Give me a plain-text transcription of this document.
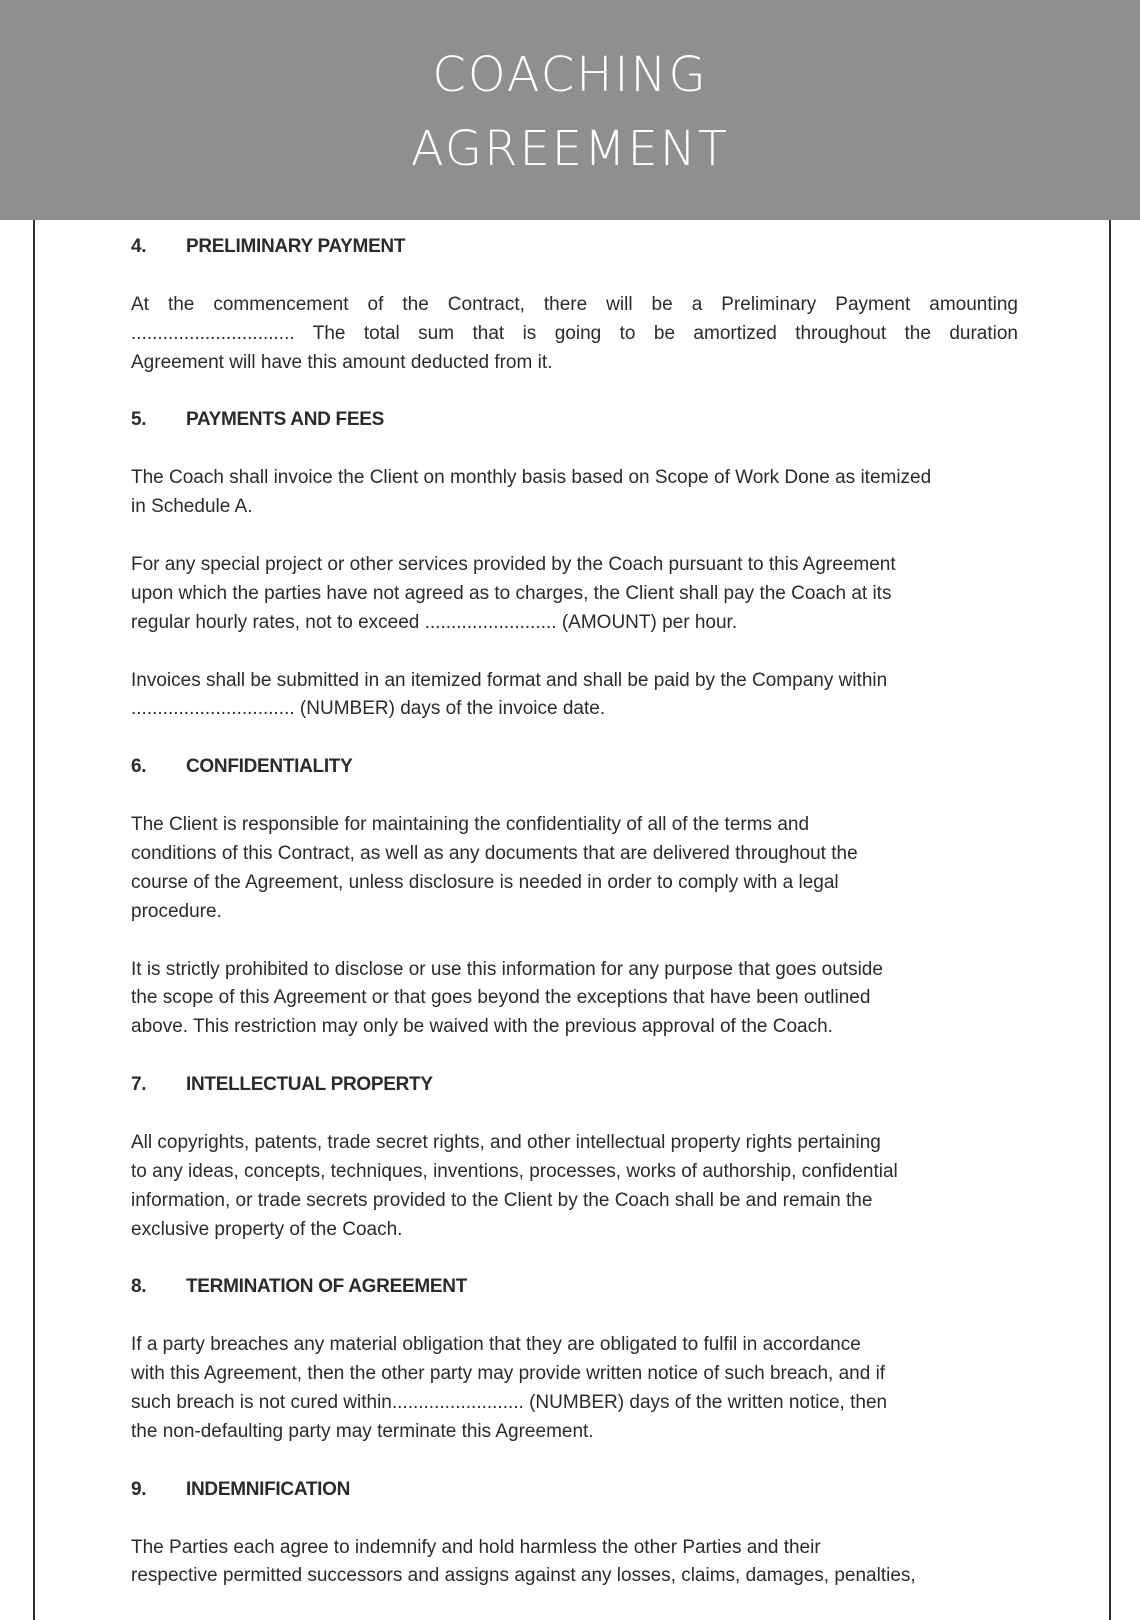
COACHING
AGREEMENT
4. PRELIMINARY PAYMENT
At the commencement of the Contract, there will be a Preliminary Payment amounting
............................... The total sum that is going to be amortized throughout the duration
Agreement will have this amount deducted from it.
5. PAYMENTS AND FEES
The Coach shall invoice the Client on monthly basis based on Scope of Work Done as itemized
in Schedule A.
For any special project or other services provided by the Coach pursuant to this Agreement
upon which the parties have not agreed as to charges, the Client shall pay the Coach at its
regular hourly rates, not to exceed ......................... (AMOUNT) per hour.
Invoices shall be submitted in an itemized format and shall be paid by the Company within
............................... (NUMBER) days of the invoice date.
6. CONFIDENTIALITY
The Client is responsible for maintaining the confidentiality of all of the terms and
conditions of this Contract, as well as any documents that are delivered throughout the
course of the Agreement, unless disclosure is needed in order to comply with a legal
procedure.
It is strictly prohibited to disclose or use this information for any purpose that goes outside
the scope of this Agreement or that goes beyond the exceptions that have been outlined
above. This restriction may only be waived with the previous approval of the Coach.
7. INTELLECTUAL PROPERTY
All copyrights, patents, trade secret rights, and other intellectual property rights pertaining
to any ideas, concepts, techniques, inventions, processes, works of authorship, confidential
information, or trade secrets provided to the Client by the Coach shall be and remain the
exclusive property of the Coach.
8. TERMINATION OF AGREEMENT
If a party breaches any material obligation that they are obligated to fulfil in accordance
with this Agreement, then the other party may provide written notice of such breach, and if
such breach is not cured within......................... (NUMBER) days of the written notice, then
the non-defaulting party may terminate this Agreement.
9. INDEMNIFICATION
The Parties each agree to indemnify and hold harmless the other Parties and their
respective permitted successors and assigns against any losses, claims, damages, penalties,
